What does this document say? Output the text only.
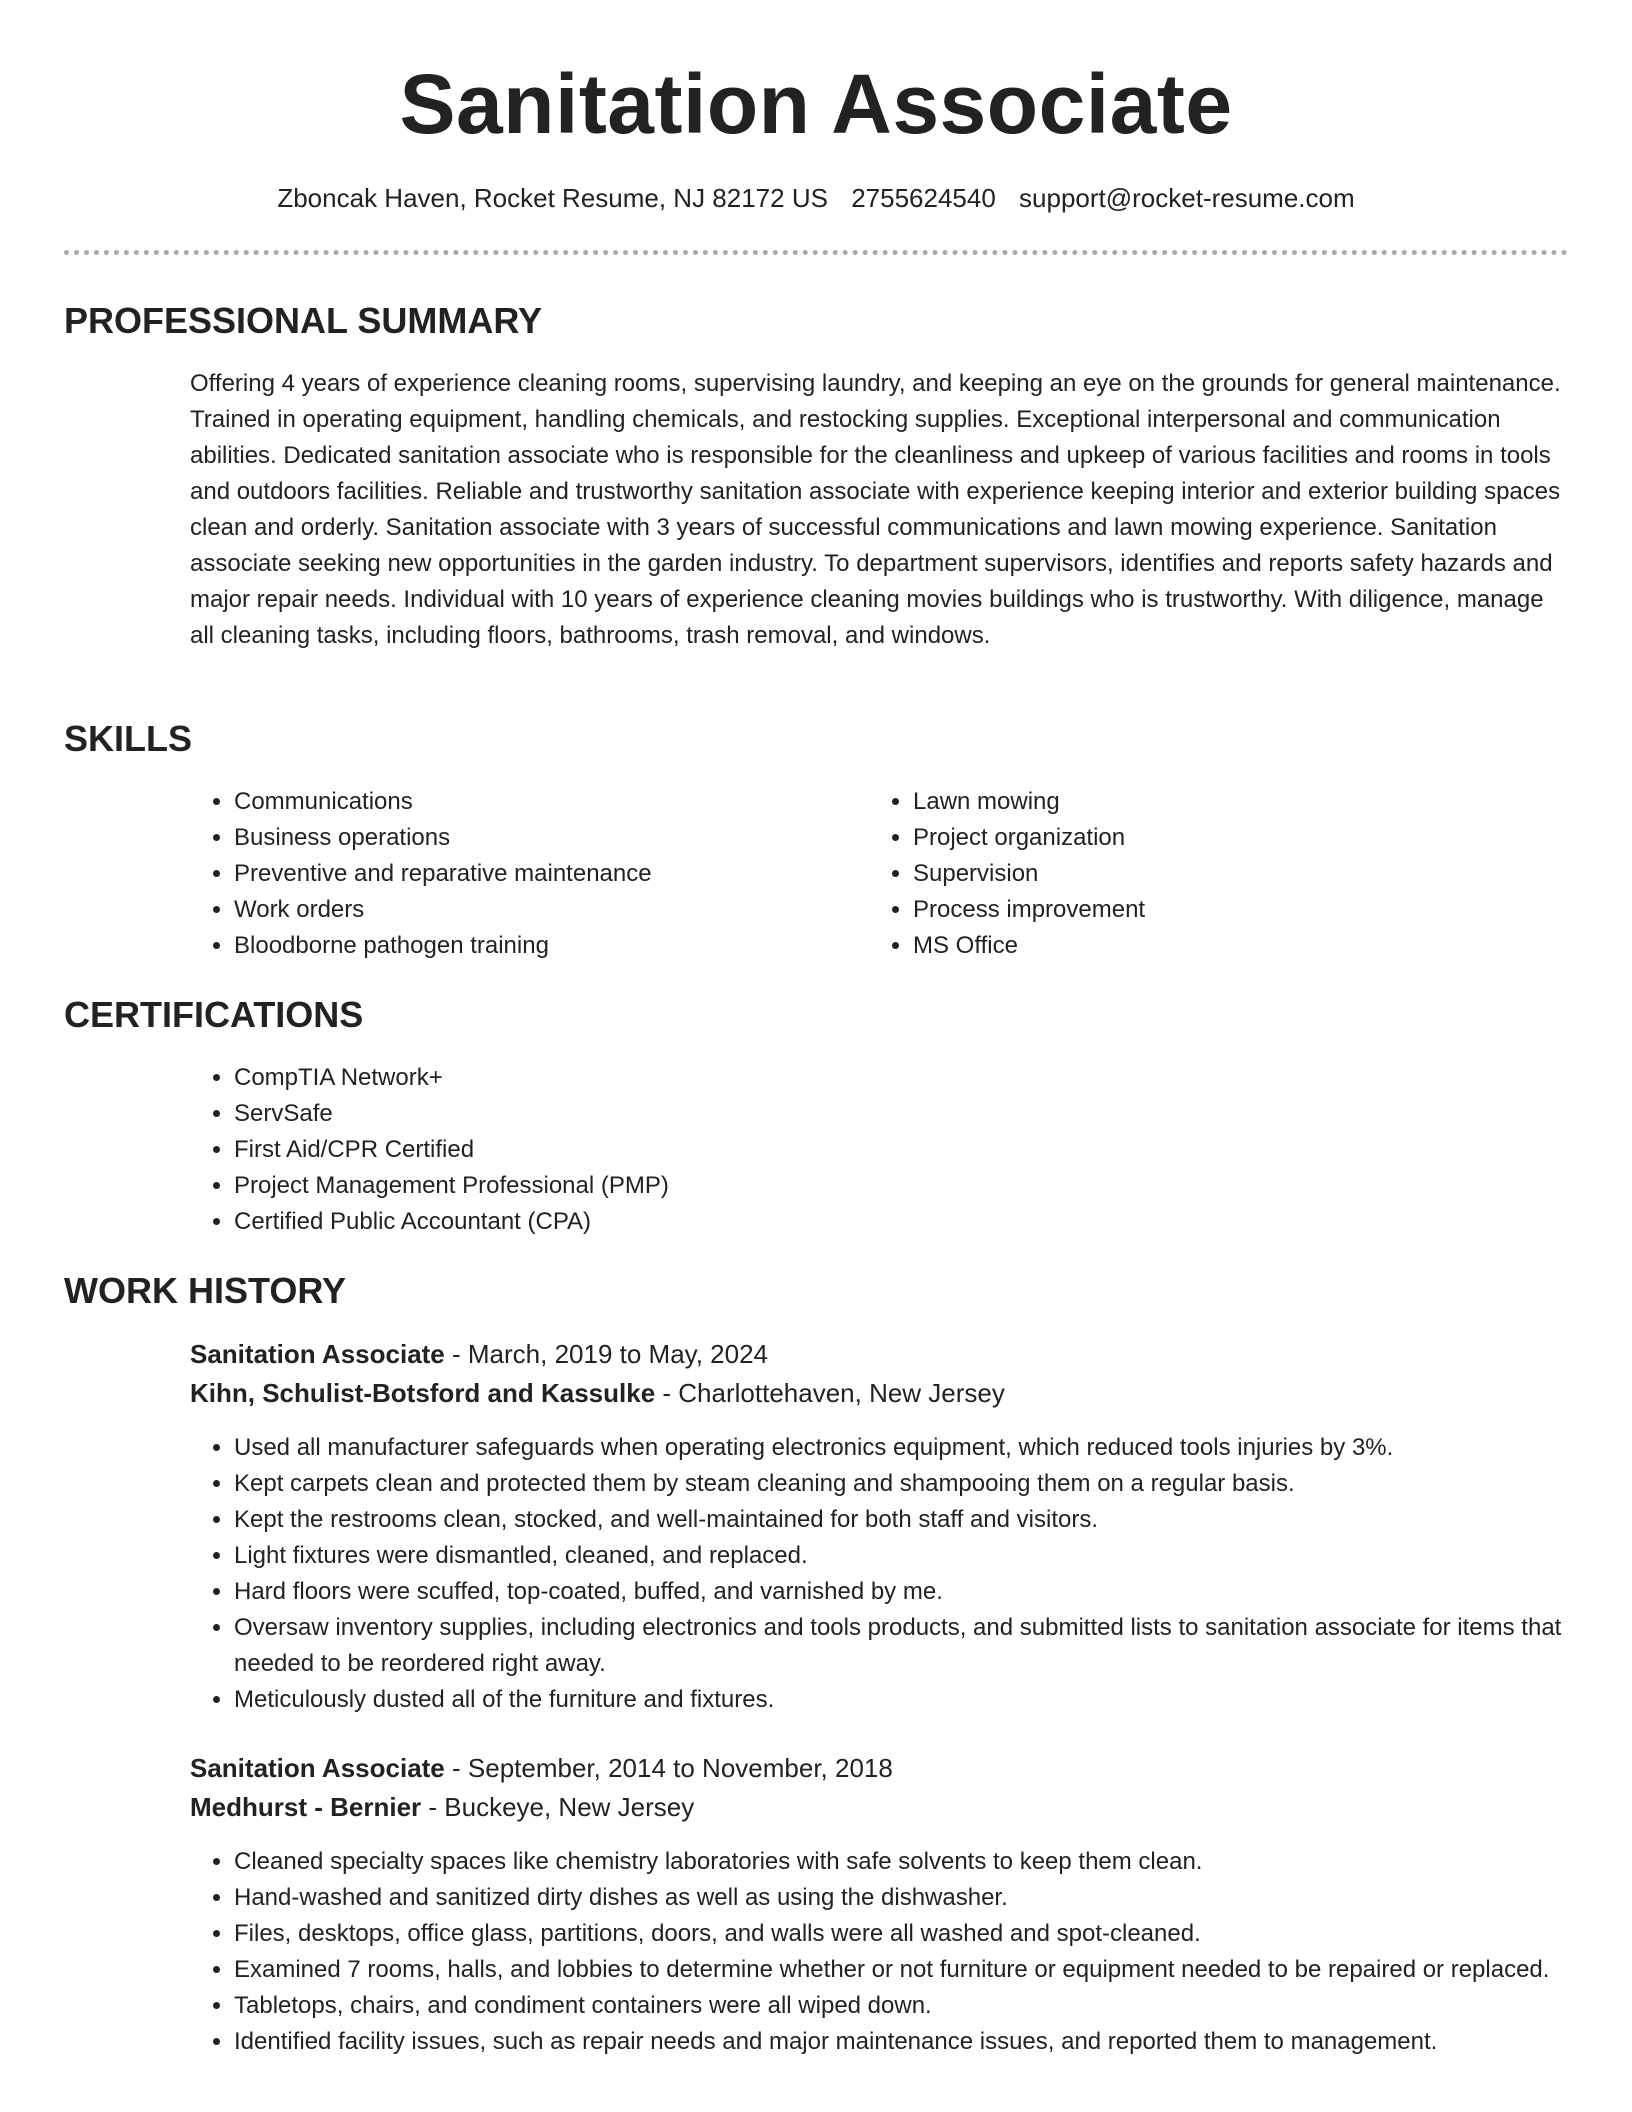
Sanitation Associate
Zboncak Haven, Rocket Resume, NJ 82172 US 2755624540 support@rocket-resume.com
PROFESSIONAL SUMMARY
Offering 4 years of experience cleaning rooms, supervising laundry, and keeping an eye on the grounds for general maintenance. Trained in operating equipment, handling chemicals, and restocking supplies. Exceptional interpersonal and communication abilities. Dedicated sanitation associate who is responsible for the cleanliness and upkeep of various facilities and rooms in tools and outdoors facilities. Reliable and trustworthy sanitation associate with experience keeping interior and exterior building spaces clean and orderly. Sanitation associate with 3 years of successful communications and lawn mowing experience. Sanitation associate seeking new opportunities in the garden industry. To department supervisors, identifies and reports safety hazards and major repair needs. Individual with 10 years of experience cleaning movies buildings who is trustworthy. With diligence, manage all cleaning tasks, including floors, bathrooms, trash removal, and windows.
SKILLS
• Communications
• Business operations
• Preventive and reparative maintenance
• Work orders
• Bloodborne pathogen training
• Lawn mowing
• Project organization
• Supervision
• Process improvement
• MS Office
CERTIFICATIONS
• CompTIA Network+
• ServSafe
• First Aid/CPR Certified
• Project Management Professional (PMP)
• Certified Public Accountant (CPA)
WORK HISTORY
Sanitation Associate - March, 2019 to May, 2024
Kihn, Schulist-Botsford and Kassulke - Charlottehaven, New Jersey
• Used all manufacturer safeguards when operating electronics equipment, which reduced tools injuries by 3%.
• Kept carpets clean and protected them by steam cleaning and shampooing them on a regular basis.
• Kept the restrooms clean, stocked, and well-maintained for both staff and visitors.
• Light fixtures were dismantled, cleaned, and replaced.
• Hard floors were scuffed, top-coated, buffed, and varnished by me.
• Oversaw inventory supplies, including electronics and tools products, and submitted lists to sanitation associate for items that needed to be reordered right away.
• Meticulously dusted all of the furniture and fixtures.
Sanitation Associate - September, 2014 to November, 2018
Medhurst - Bernier - Buckeye, New Jersey
• Cleaned specialty spaces like chemistry laboratories with safe solvents to keep them clean.
• Hand-washed and sanitized dirty dishes as well as using the dishwasher.
• Files, desktops, office glass, partitions, doors, and walls were all washed and spot-cleaned.
• Examined 7 rooms, halls, and lobbies to determine whether or not furniture or equipment needed to be repaired or replaced.
• Tabletops, chairs, and condiment containers were all wiped down.
• Identified facility issues, such as repair needs and major maintenance issues, and reported them to management.
